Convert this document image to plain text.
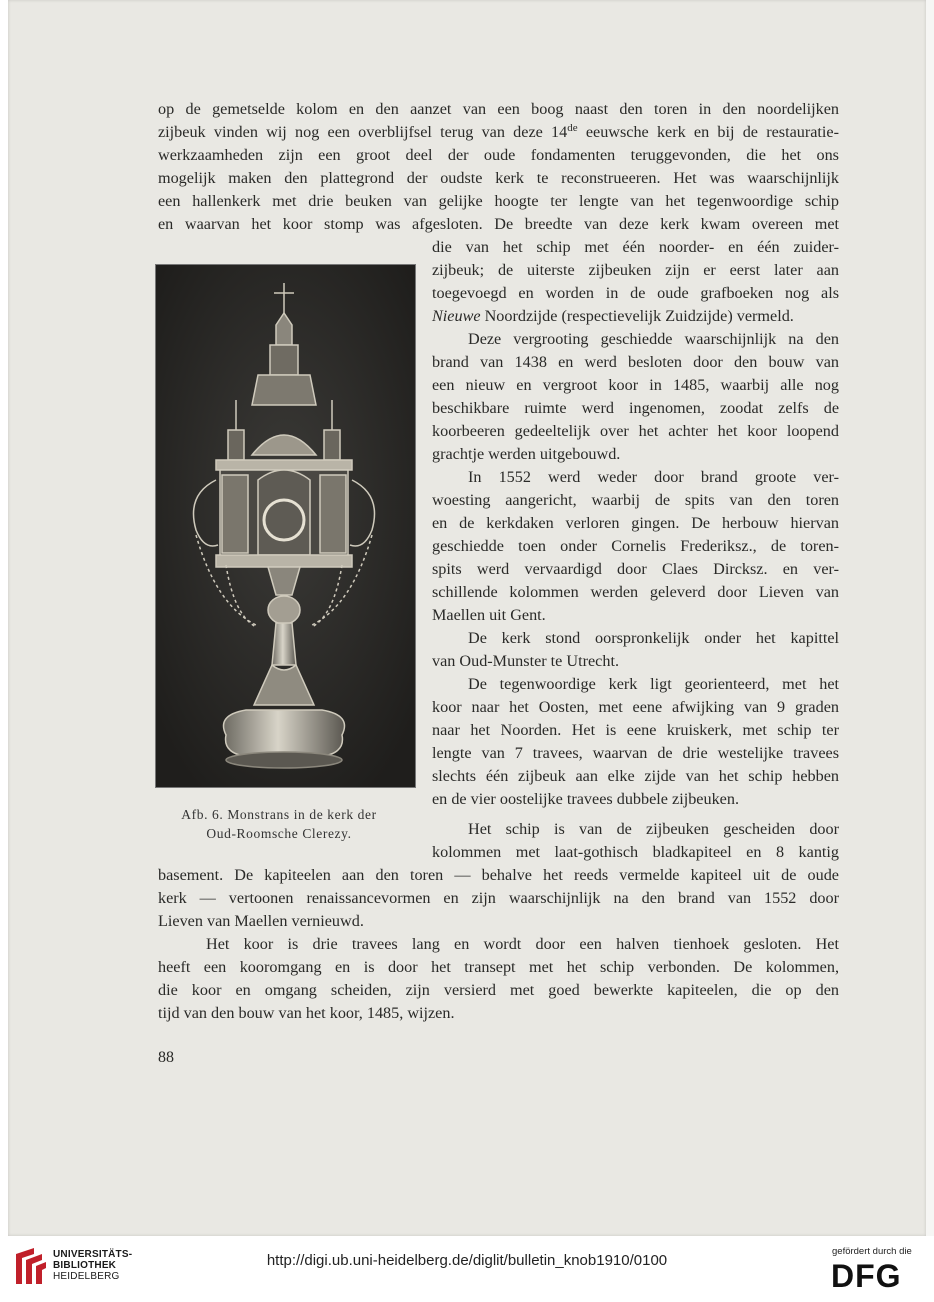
op de gemetselde kolom en den aanzet van een boog naast den toren in den noordelijken
zijbeuk vinden wij nog een overblijfsel terug van deze 14de eeuwsche kerk en bij de restauratie-
werkzaamheden zijn een groot deel der oude fondamenten teruggevonden, die het ons
mogelijk maken den plattegrond der oudste kerk te reconstrueeren. Het was waarschijnlijk
een hallenkerk met drie beuken van gelijke hoogte ter lengte van het tegenwoordige schip
en waarvan het koor stomp was afgesloten. De breedte van deze kerk kwam overeen met
die van het schip met één noorder- en één zuider-
zijbeuk; de uiterste zijbeuken zijn er eerst later aan
toegevoegd en worden in de oude grafboeken nog als
Nieuwe Noordzijde (respectievelijk Zuidzijde) vermeld.
Deze vergrooting geschiedde waarschijnlijk na den
brand van 1438 en werd besloten door den bouw van
een nieuw en vergroot koor in 1485, waarbij alle nog
beschikbare ruimte werd ingenomen, zoodat zelfs de
koorbeeren gedeeltelijk over het achter het koor loopend
grachtje werden uitgebouwd.
In 1552 werd weder door brand groote ver-
woesting aangericht, waarbij de spits van den toren
en de kerkdaken verloren gingen. De herbouw hiervan
geschiedde toen onder Cornelis Frederiksz., de toren-
spits werd vervaardigd door Claes Dircksz. en ver-
schillende kolommen werden geleverd door Lieven van
Maellen uit Gent.
De kerk stond oorspronkelijk onder het kapittel
van Oud-Munster te Utrecht.
De tegenwoordige kerk ligt georienteerd, met het
koor naar het Oosten, met eene afwijking van 9 graden
naar het Noorden. Het is eene kruiskerk, met schip ter
lengte van 7 travees, waarvan de drie westelijke travees
slechts één zijbeuk aan elke zijde van het schip hebben
en de vier oostelijke travees dubbele zijbeuken.
Het schip is van de zijbeuken gescheiden door
kolommen met laat-gothisch bladkapiteel en 8 kantig
basement. De kapiteelen aan den toren — behalve het reeds vermelde kapiteel uit de oude
kerk — vertoonen renaissancevormen en zijn waarschijnlijk na den brand van 1552 door
Lieven van Maellen vernieuwd.
Het koor is drie travees lang en wordt door een halven tienhoek gesloten. Het
heeft een kooromgang en is door het transept met het schip verbonden. De kolommen,
die koor en omgang scheiden, zijn versierd met goed bewerkte kapiteelen, die op den
tijd van den bouw van het koor, 1485, wijzen.
Afb. 6. Monstrans in de kerk der
Oud-Roomsche Clerezy.
88
UNIVERSITÄTS-
BIBLIOTHEK
HEIDELBERG
http://digi.ub.uni-heidelberg.de/diglit/bulletin_knob1910/0100
gefördert durch die
DFG
